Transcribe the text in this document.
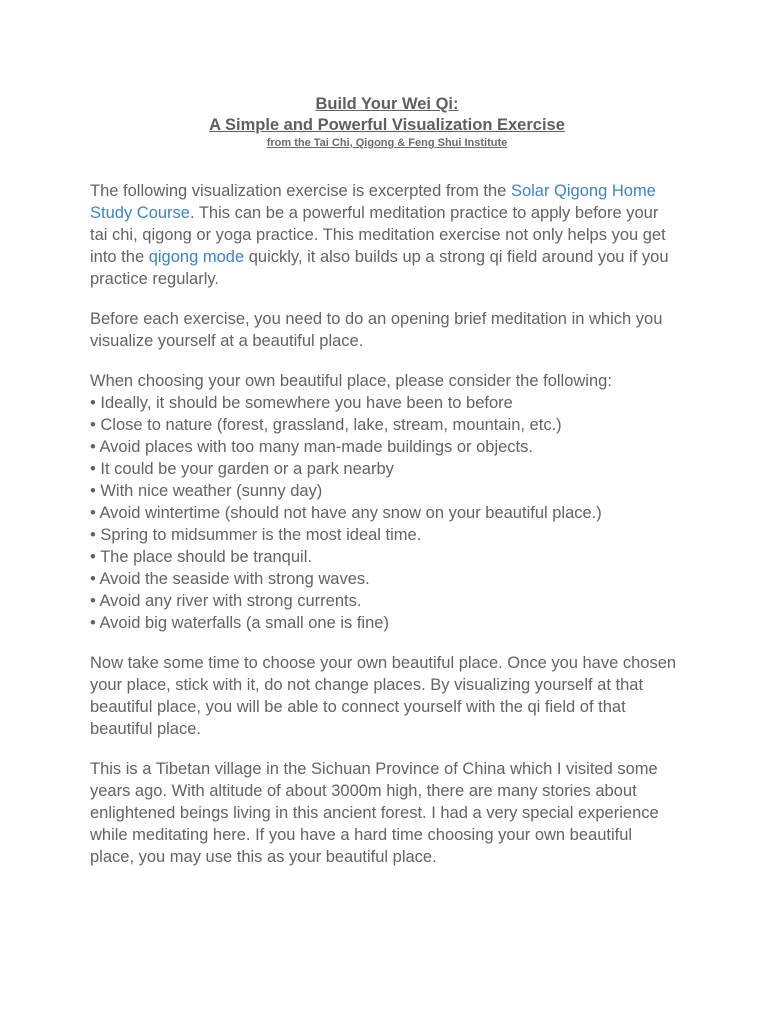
Build Your Wei Qi:
A Simple and Powerful Visualization Exercise
from the Tai Chi, Qigong & Feng Shui Institute

The following visualization exercise is excerpted from the Solar Qigong Home Study Course. This can be a powerful meditation practice to apply before your tai chi, qigong or yoga practice. This meditation exercise not only helps you get into the qigong mode quickly, it also builds up a strong qi field around you if you practice regularly.

Before each exercise, you need to do an opening brief meditation in which you visualize yourself at a beautiful place.

When choosing your own beautiful place, please consider the following:
• Ideally, it should be somewhere you have been to before
• Close to nature (forest, grassland, lake, stream, mountain, etc.)
• Avoid places with too many man-made buildings or objects.
• It could be your garden or a park nearby
• With nice weather (sunny day)
• Avoid wintertime (should not have any snow on your beautiful place.)
• Spring to midsummer is the most ideal time.
• The place should be tranquil.
• Avoid the seaside with strong waves.
• Avoid any river with strong currents.
• Avoid big waterfalls (a small one is fine)

Now take some time to choose your own beautiful place. Once you have chosen your place, stick with it, do not change places. By visualizing yourself at that beautiful place, you will be able to connect yourself with the qi field of that beautiful place.

This is a Tibetan village in the Sichuan Province of China which I visited some years ago. With altitude of about 3000m high, there are many stories about enlightened beings living in this ancient forest. I had a very special experience while meditating here. If you have a hard time choosing your own beautiful place, you may use this as your beautiful place.
